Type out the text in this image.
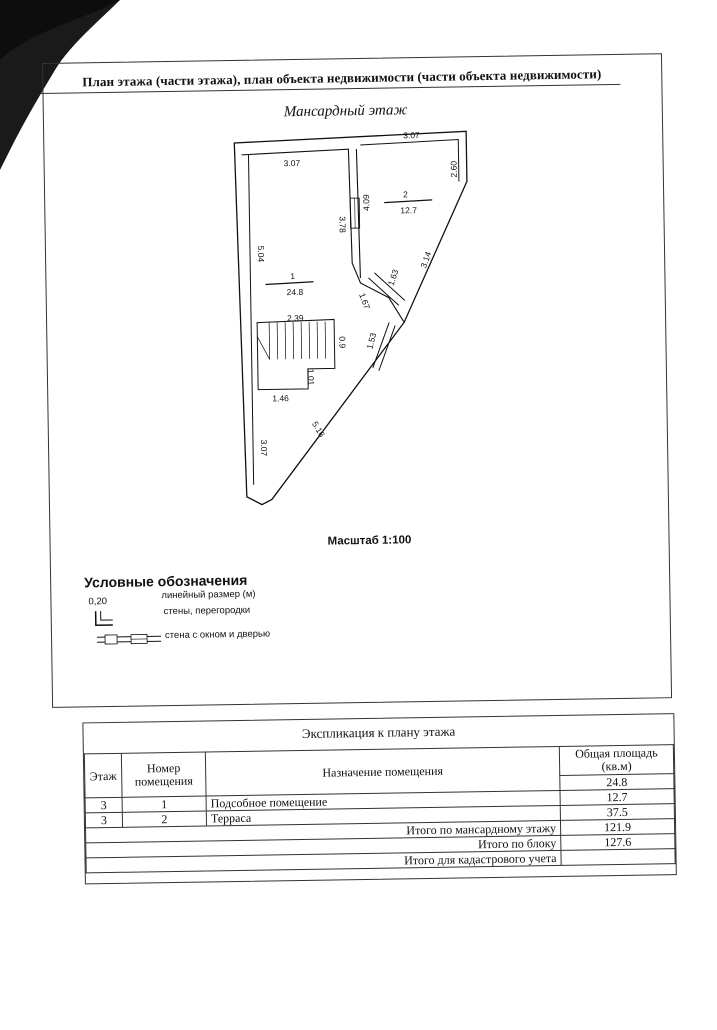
План этажа (части этажа), план объекта недвижимости (части объекта недвижимости)
Мансардный этаж
3.07
3.07
2.60
5.04
3.78
4.09
3.14
1.63
1.67
2.39
0.9 1.53
1.01
1.46
3.07
5.16
1
24.8
2
12.7
Масштаб 1:100
Условные обозначения
0,20
линейный размер (м)
стены, перегородки
стена с окном и дверью
Экспликация к плану этажа
Этаж	Номер помещения	Назначение помещения	Общая площадь (кв.м)
			24.8
3	1	Подсобное помещение	12.7
3	2	Терраса	37.5
Итого по мансардному этажу			121.9
Итого по блоку			127.6
Итого для кадастрового учета			
